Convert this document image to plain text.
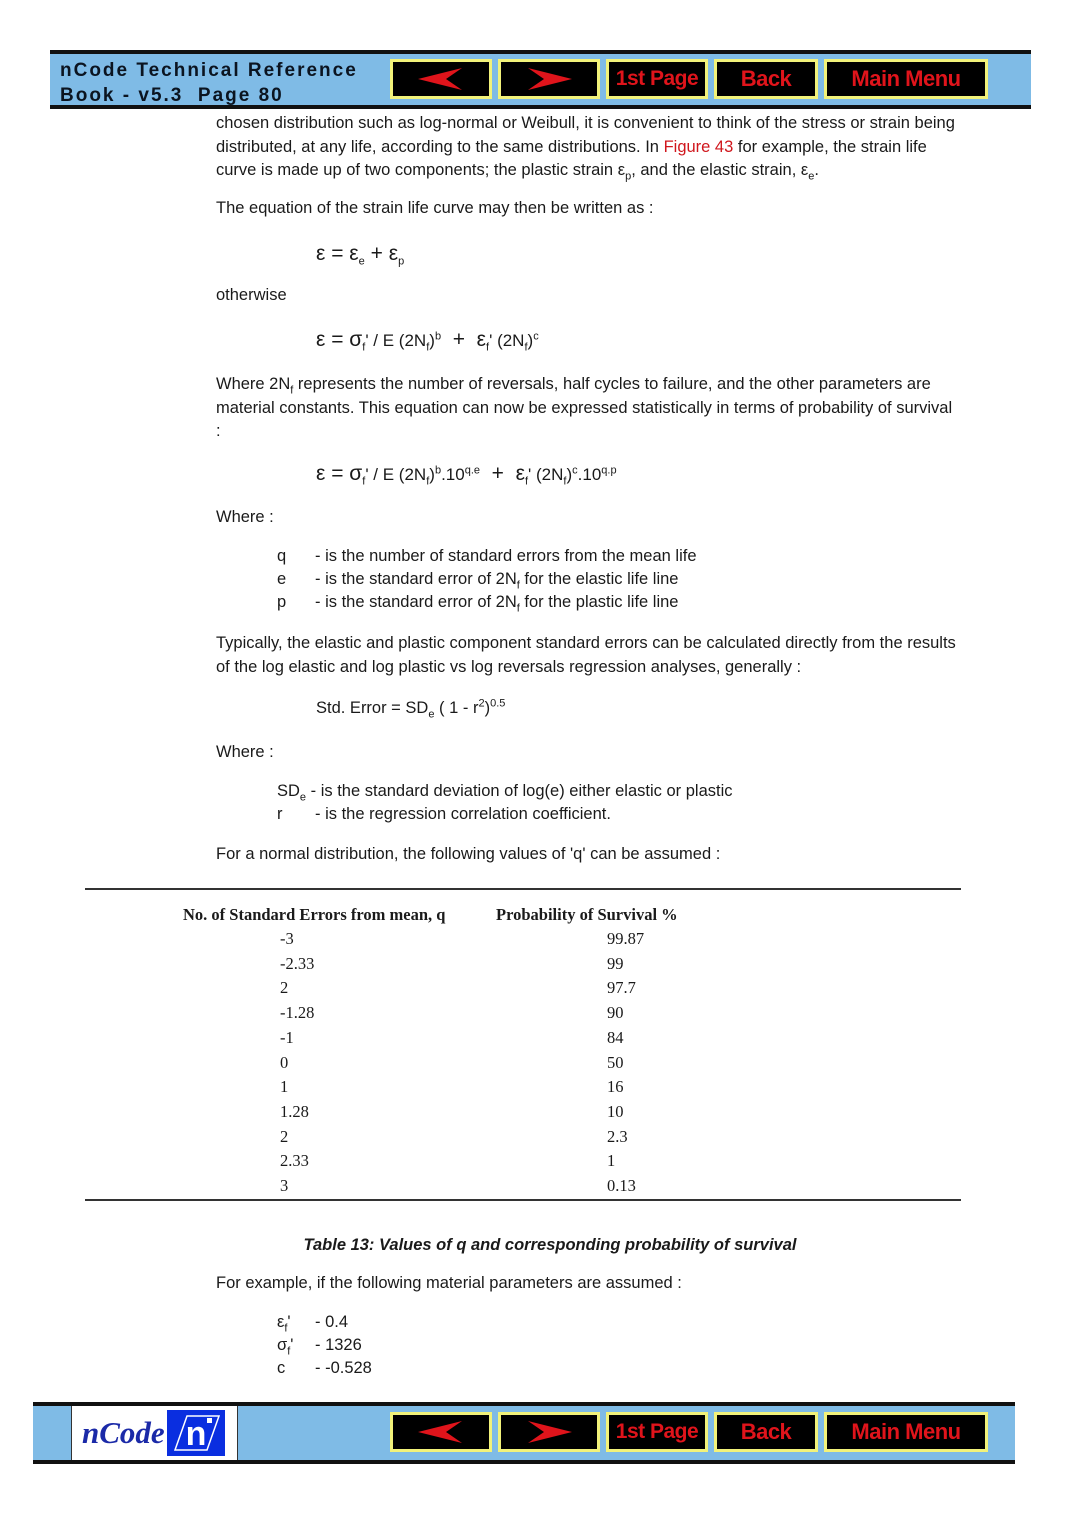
nCode Technical Reference
Book - v5.3  Page 80
1st Page	Back	Main Menu

chosen distribution such as log-normal or Weibull, it is convenient to think of the stress or strain being

distributed, at any life, according to the same distributions. In Figure 43 for example, the strain life

curve is made up of two components; the plastic strain $\varepsilon_p$, and the elastic strain, $\varepsilon_e$.

The equation of the strain life curve may then be written as :

$\varepsilon = \varepsilon_e + \varepsilon_p$

otherwise

$\varepsilon = \sigma_f' / E$ $(2N_f)^b + \varepsilon_f'$ $(2N_f)^c$

Where $2N_f$ represents the number of reversals, half cycles to failure, and the other parameters are

material constants. This equation can now be expressed statistically in terms of probability of survival

:

$\varepsilon = \sigma_f' / E$ $(2N_f)^b.10^{q.e} + \varepsilon_f'$ $(2N_f)^c.10^{q.p}$

Where :

q - is the number of standard errors from the mean life
e - is the standard error of $2N_f$ for the elastic life line
p - is the standard error of $2N_f$ for the plastic life line

Typically, the elastic and plastic component standard errors can be calculated directly from the results

of the log elastic and log plastic vs log reversals regression analyses, generally :

Std. Error = $SD_e$ ( $1 - r^2)^{0.5}$

Where :

$SD_e$ - is the standard deviation of log(e) either elastic or plastic
r - is the regression correlation coefficient.

For a normal distribution, the following values of 'q' can be assumed :

No. of Standard Errors from mean, q	Probability of Survival %
-3	99.87
-2.33	99
2	97.7
-1.28	90
-1	84
0	50
1	16
1.28	10
2	2.3
2.33	1
3	0.13
Table 13: Values of q and corresponding probability of survival

For example, if the following material parameters are assumed :

$\varepsilon_f' - 0.4$
$\sigma_f' - 1326$
c - -0.528
nCode n	1st Page	Back	Main Menu
